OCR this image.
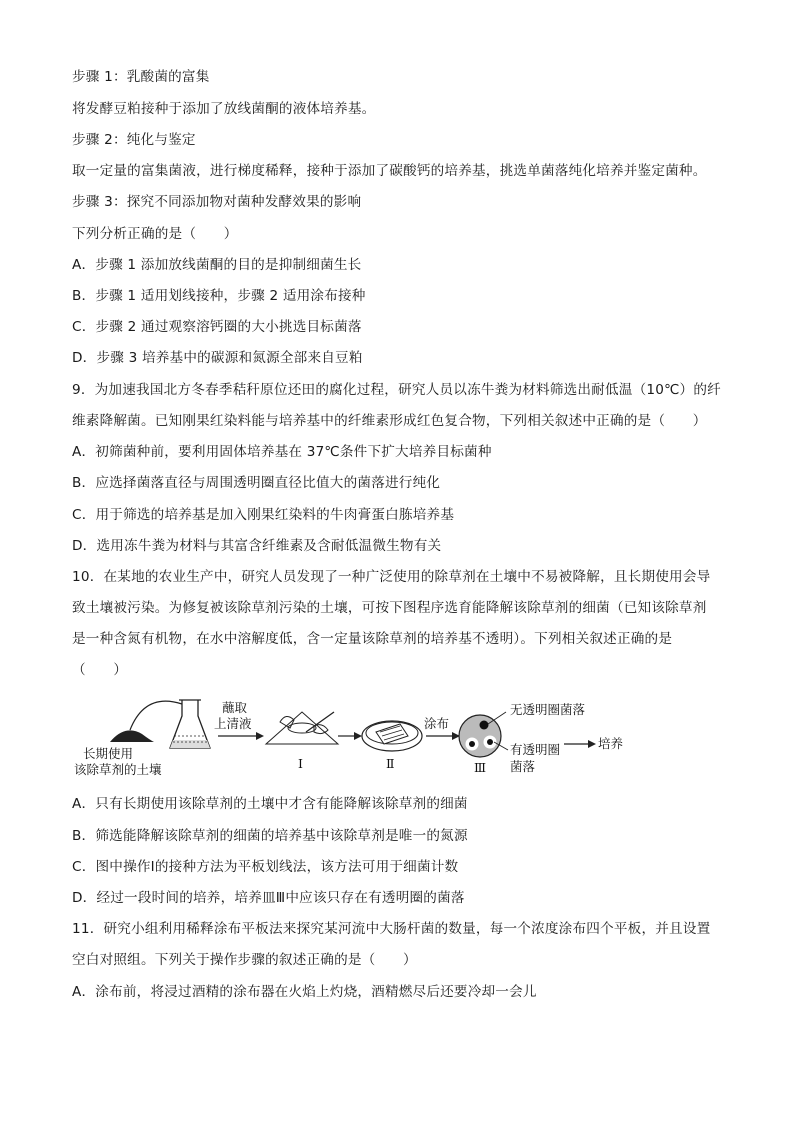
步骤 1：乳酸菌的富集
将发酵豆粕接种于添加了放线菌酮的液体培养基。
步骤 2：纯化与鉴定
取一定量的富集菌液，进行梯度稀释，接种于添加了碳酸钙的培养基，挑选单菌落纯化培养并鉴定菌种。
步骤 3：探究不同添加物对菌种发酵效果的影响
下列分析正确的是（　　）
A．步骤 1 添加放线菌酮的目的是抑制细菌生长
B．步骤 1 适用划线接种，步骤 2 适用涂布接种
C．步骤 2 通过观察溶钙圈的大小挑选目标菌落
D．步骤 3 培养基中的碳源和氮源全部来自豆粕
9．为加速我国北方冬春季秸秆原位还田的腐化过程，研究人员以冻牛粪为材料筛选出耐低温（10℃）的纤
维素降解菌。已知刚果红染料能与培养基中的纤维素形成红色复合物，下列相关叙述中正确的是（　　）
A．初筛菌种前，要利用固体培养基在 37℃条件下扩大培养目标菌种
B．应选择菌落直径与周围透明圈直径比值大的菌落进行纯化
C．用于筛选的培养基是加入刚果红染料的牛肉膏蛋白胨培养基
D．选用冻牛粪为材料与其富含纤维素及含耐低温微生物有关
10．在某地的农业生产中，研究人员发现了一种广泛使用的除草剂在土壤中不易被降解，且长期使用会导
致土壤被污染。为修复被该除草剂污染的土壤，可按下图程序选育能降解该除草剂的细菌（已知该除草剂
是一种含氮有机物，在水中溶解度低，含一定量该除草剂的培养基不透明）。下列相关叙述正确的是
（　　）
长期使用
该除草剂的土壤
蘸取
上清液
Ⅰ	Ⅱ
涂布
Ⅲ
无透明圈菌落
有透明圈
菌落
培养
A．只有长期使用该除草剂的土壤中才含有能降解该除草剂的细菌
B．筛选能降解该除草剂的细菌的培养基中该除草剂是唯一的氮源
C．图中操作Ⅰ的接种方法为平板划线法，该方法可用于细菌计数
D．经过一段时间的培养，培养皿Ⅲ中应该只存在有透明圈的菌落
11．研究小组利用稀释涂布平板法来探究某河流中大肠杆菌的数量，每一个浓度涂布四个平板，并且设置
空白对照组。下列关于操作步骤的叙述正确的是（　　）
A．涂布前，将浸过酒精的涂布器在火焰上灼烧，酒精燃尽后还要冷却一会儿
